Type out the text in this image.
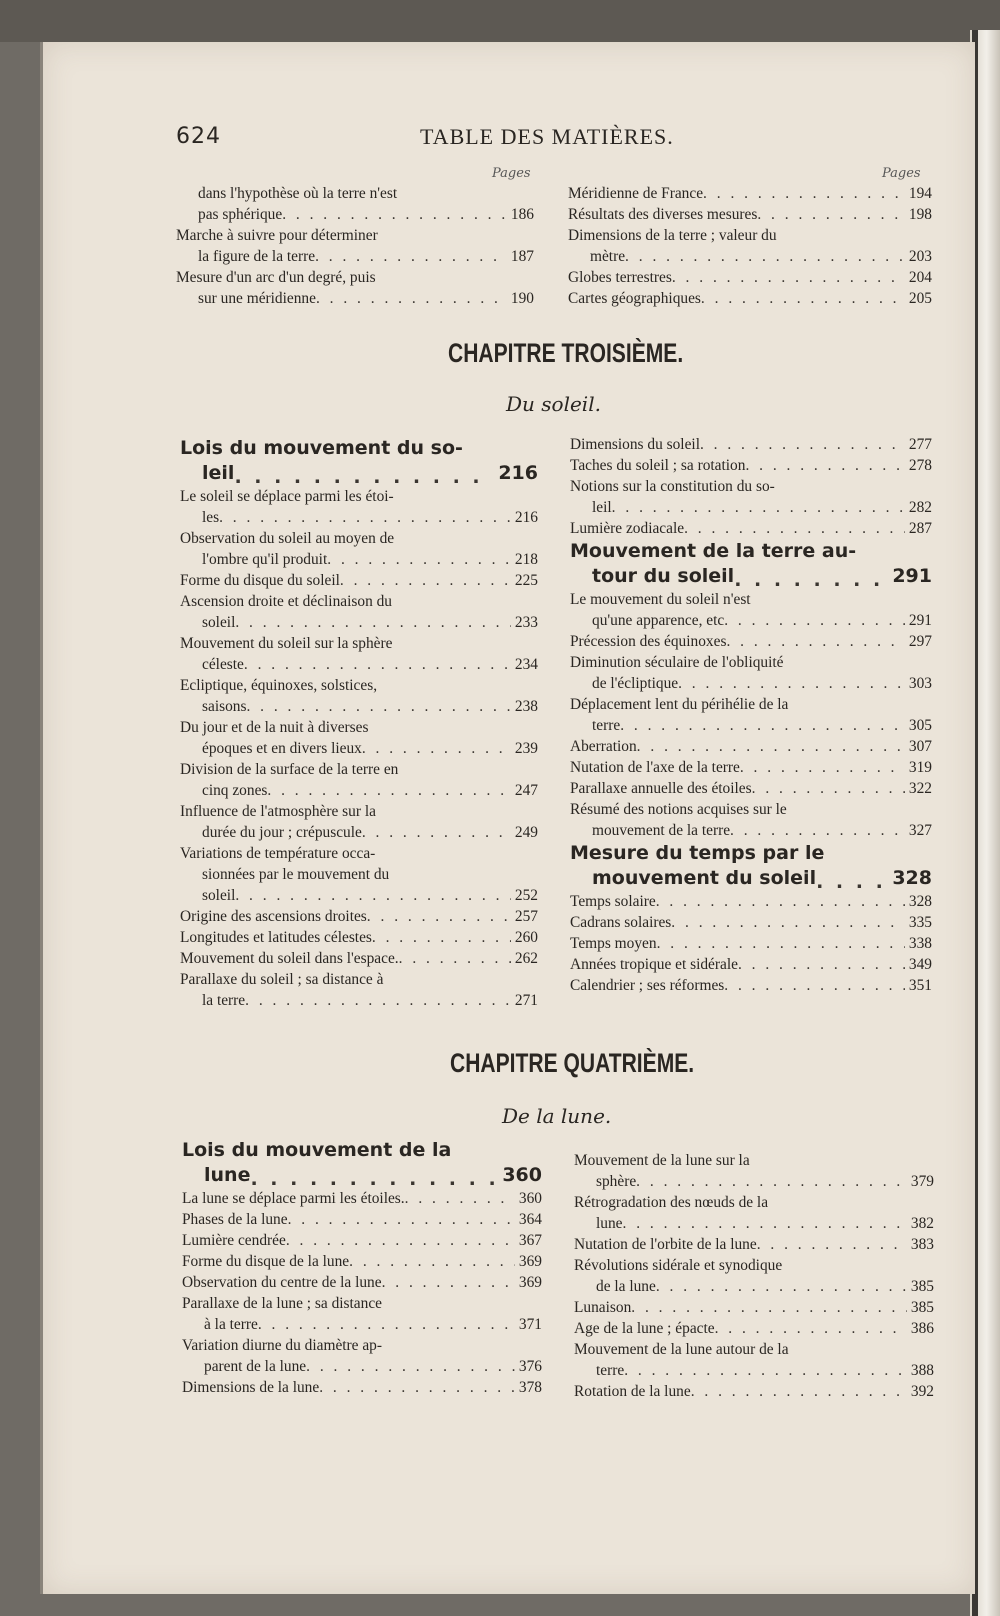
624	TABLE DES MATIÈRES.
Pages	Pages
dans l'hypothèse où la terre n'est
pas sphérique . . .	186
Marche à suivre pour déterminer
la figure de la terre . . .	187
Mesure d'un arc d'un degré, puis
sur une méridienne . . .	190
Méridienne de France . . .	194
Résultats des diverses mesures . . .	198
Dimensions de la terre ; valeur du
mètre . . .	203
Globes terrestres . . .	204
Cartes géographiques . . .	205
CHAPITRE TROISIÈME.
Du soleil.
Lois du mouvement du so-
leil . . .	216
Le soleil se déplace parmi les étoi-
les . . .	216
Observation du soleil au moyen de
l'ombre qu'il produit . . .	218
Forme du disque du soleil . . .	225
Ascension droite et déclinaison du
soleil . . .	233
Mouvement du soleil sur la sphère
céleste . . .	234
Ecliptique, équinoxes, solstices,
saisons . . .	238
Du jour et de la nuit à diverses
époques et en divers lieux . . .	239
Division de la surface de la terre en
cinq zones . . .	247
Influence de l'atmosphère sur la
durée du jour ; crépuscule . . .	249
Variations de température occa-
sionnées par le mouvement du
soleil . . .	252
Origine des ascensions droites . . .	257
Longitudes et latitudes célestes . . .	260
Mouvement du soleil dans l'espace. . . .	262
Parallaxe du soleil ; sa distance à
la terre . . .	271
Dimensions du soleil . . .	277
Taches du soleil ; sa rotation . . .	278
Notions sur la constitution du so-
leil . . .	282
Lumière zodiacale . . .	287
Mouvement de la terre au-
tour du soleil . . .	291
Le mouvement du soleil n'est
qu'une apparence, etc . . .	291
Précession des équinoxes . . .	297
Diminution séculaire de l'obliquité
de l'écliptique . . .	303
Déplacement lent du périhélie de la
terre . . .	305
Aberration . . .	307
Nutation de l'axe de la terre . . .	319
Parallaxe annuelle des étoiles . . .	322
Résumé des notions acquises sur le
mouvement de la terre . . .	327
Mesure du temps par le
mouvement du soleil . . .	328
Temps solaire . . .	328
Cadrans solaires . . .	335
Temps moyen . . .	338
Années tropique et sidérale . . .	349
Calendrier ; ses réformes . . .	351
CHAPITRE QUATRIÈME.
De la lune.
Lois du mouvement de la
lune . . .	360
La lune se déplace parmi les étoiles. . . .	360
Phases de la lune . . .	364
Lumière cendrée . . .	367
Forme du disque de la lune . . .	369
Observation du centre de la lune . . .	369
Parallaxe de la lune ; sa distance
à la terre . . .	371
Variation diurne du diamètre ap-
parent de la lune . . .	376
Dimensions de la lune . . .	378
Mouvement de la lune sur la
sphère . . .	379
Rétrogradation des nœuds de la
lune . . .	382
Nutation de l'orbite de la lune . . .	383
Révolutions sidérale et synodique
de la lune . . .	385
Lunaison . . .	385
Age de la lune ; épacte . . .	386
Mouvement de la lune autour de la
terre . . .	388
Rotation de la lune . . .	392
